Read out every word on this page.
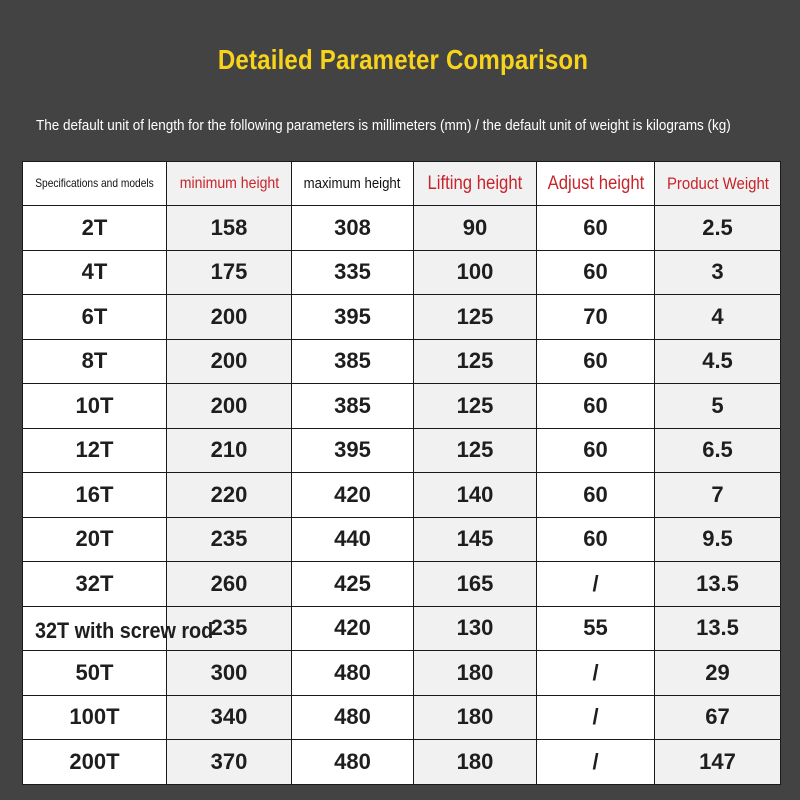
Detailed Parameter Comparison
The default unit of length for the following parameters is millimeters (mm) / the default unit of weight is kilograms (kg)
Specifications and models	minimum height	maximum height	Lifting height	Adjust height	Product Weight
2T	158	308	90	60	2.5
4T	175	335	100	60	3
6T	200	395	125	70	4
8T	200	385	125	60	4.5
10T	200	385	125	60	5
12T	210	395	125	60	6.5
16T	220	420	140	60	7
20T	235	440	145	60	9.5
32T	260	425	165	/	13.5
32T with screw rod	235	420	130	55	13.5
50T	300	480	180	/	29
100T	340	480	180	/	67
200T	370	480	180	/	147
